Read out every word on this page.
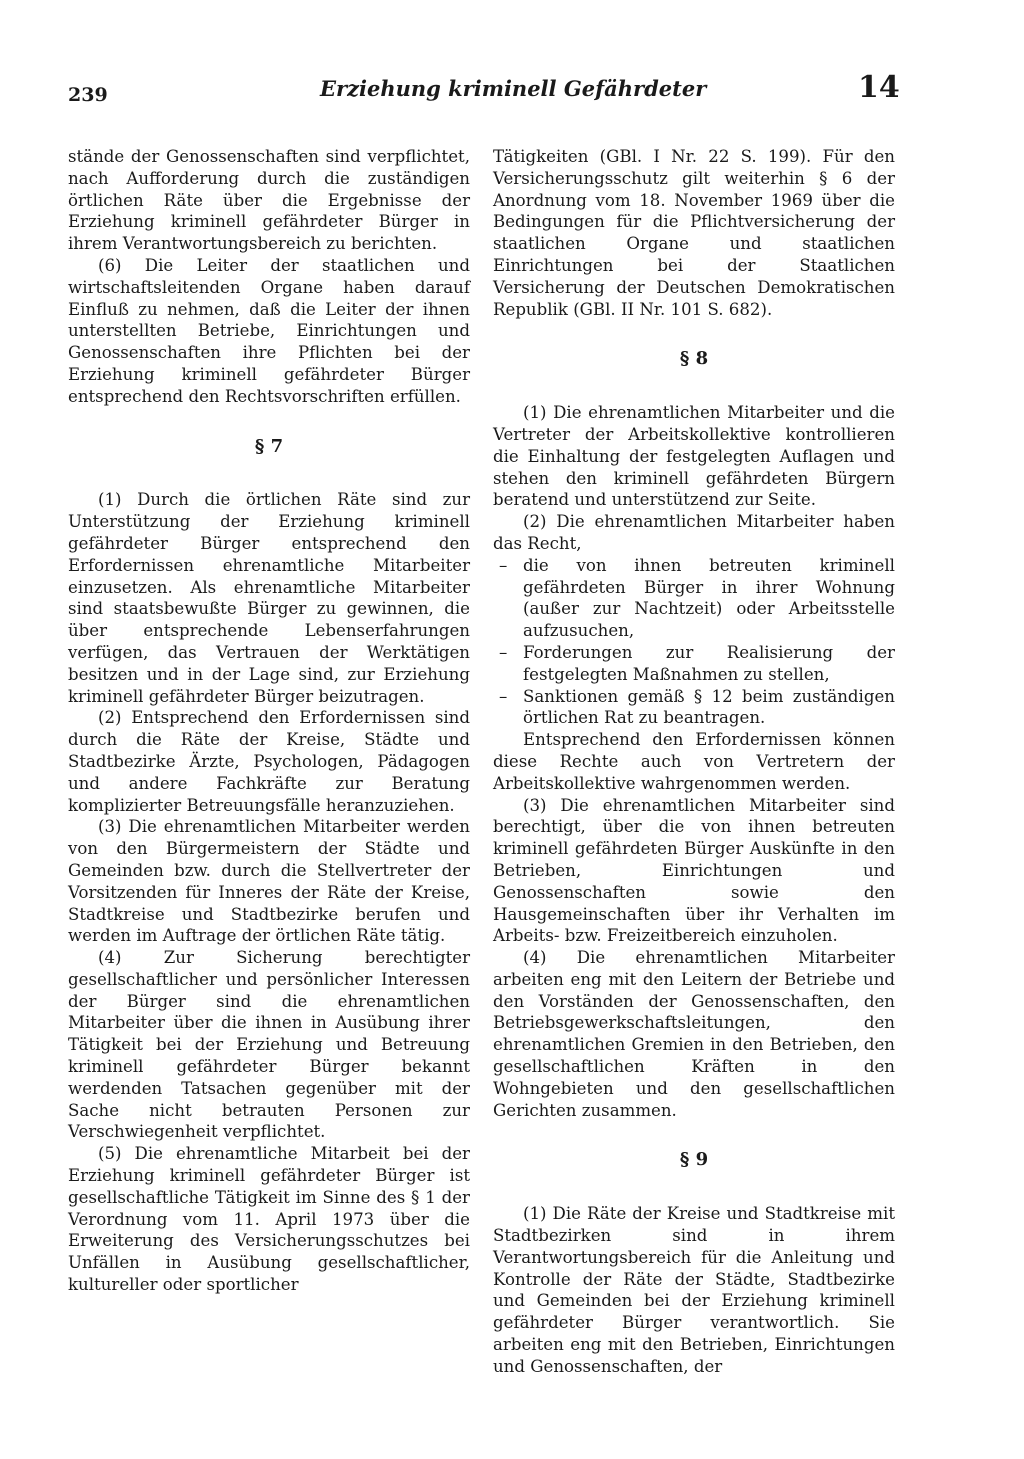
239	Erziehung kriminell Gefährdeter	14

stände der Genossenschaften sind verpflichtet, nach Aufforderung durch die zuständigen örtlichen Räte über die Ergebnisse der Erziehung kriminell gefährdeter Bürger in ihrem Verantwortungsbereich zu berichten.

(6) Die Leiter der staatlichen und wirtschaftsleitenden Organe haben darauf Einfluß zu nehmen, daß die Leiter der ihnen unterstellten Betriebe, Einrichtungen und Genossenschaften ihre Pflichten bei der Erziehung kriminell gefährdeter Bürger entsprechend den Rechtsvorschriften erfüllen.

§ 7

(1) Durch die örtlichen Räte sind zur Unterstützung der Erziehung kriminell gefährdeter Bürger entsprechend den Erfordernissen ehrenamtliche Mitarbeiter einzusetzen. Als ehrenamtliche Mitarbeiter sind staatsbewußte Bürger zu gewinnen, die über entsprechende Lebenserfahrungen verfügen, das Vertrauen der Werktätigen besitzen und in der Lage sind, zur Erziehung kriminell gefährdeter Bürger beizutragen.

(2) Entsprechend den Erfordernissen sind durch die Räte der Kreise, Städte und Stadtbezirke Ärzte, Psychologen, Pädagogen und andere Fachkräfte zur Beratung komplizierter Betreuungsfälle heranzuziehen.

(3) Die ehrenamtlichen Mitarbeiter werden von den Bürgermeistern der Städte und Gemeinden bzw. durch die Stellvertreter der Vorsitzenden für Inneres der Räte der Kreise, Stadtkreise und Stadtbezirke berufen und werden im Auftrage der örtlichen Räte tätig.

(4) Zur Sicherung berechtigter gesellschaftlicher und persönlicher Interessen der Bürger sind die ehrenamtlichen Mitarbeiter über die ihnen in Ausübung ihrer Tätigkeit bei der Erziehung und Betreuung kriminell gefährdeter Bürger bekannt werdenden Tatsachen gegenüber mit der Sache nicht betrauten Personen zur Verschwiegenheit verpflichtet.

(5) Die ehrenamtliche Mitarbeit bei der Erziehung kriminell gefährdeter Bürger ist gesellschaftliche Tätigkeit im Sinne des § 1 der Verordnung vom 11. April 1973 über die Erweiterung des Versicherungsschutzes bei Unfällen in Ausübung gesellschaftlicher, kultureller oder sportlicher

Tätigkeiten (GBl. I Nr. 22 S. 199). Für den Versicherungsschutz gilt weiterhin § 6 der Anordnung vom 18. November 1969 über die Bedingungen für die Pflichtversicherung der staatlichen Organe und staatlichen Einrichtungen bei der Staatlichen Versicherung der Deutschen Demokratischen Republik (GBl. II Nr. 101 S. 682).

§ 8

(1) Die ehrenamtlichen Mitarbeiter und die Vertreter der Arbeitskollektive kontrollieren die Einhaltung der festgelegten Auflagen und stehen den kriminell gefährdeten Bürgern beratend und unterstützend zur Seite.

(2) Die ehrenamtlichen Mitarbeiter haben das Recht,

– die von ihnen betreuten kriminell gefährdeten Bürger in ihrer Wohnung (außer zur Nachtzeit) oder Arbeitsstelle aufzusuchen,
– Forderungen zur Realisierung der festgelegten Maßnahmen zu stellen,
– Sanktionen gemäß § 12 beim zuständigen örtlichen Rat zu beantragen.

Entsprechend den Erfordernissen können diese Rechte auch von Vertretern der Arbeitskollektive wahrgenommen werden.

(3) Die ehrenamtlichen Mitarbeiter sind berechtigt, über die von ihnen betreuten kriminell gefährdeten Bürger Auskünfte in den Betrieben, Einrichtungen und Genossenschaften sowie den Hausgemeinschaften über ihr Verhalten im Arbeits- bzw. Freizeitbereich einzuholen.

(4) Die ehrenamtlichen Mitarbeiter arbeiten eng mit den Leitern der Betriebe und den Vorständen der Genossenschaften, den Betriebsgewerkschaftsleitungen, den ehrenamtlichen Gremien in den Betrieben, den gesellschaftlichen Kräften in den Wohngebieten und den gesellschaftlichen Gerichten zusammen.

§ 9

(1) Die Räte der Kreise und Stadtkreise mit Stadtbezirken sind in ihrem Verantwortungsbereich für die Anleitung und Kontrolle der Räte der Städte, Stadtbezirke und Gemeinden bei der Erziehung kriminell gefährdeter Bürger verantwortlich. Sie arbeiten eng mit den Betrieben, Einrichtungen und Genossenschaften, der
